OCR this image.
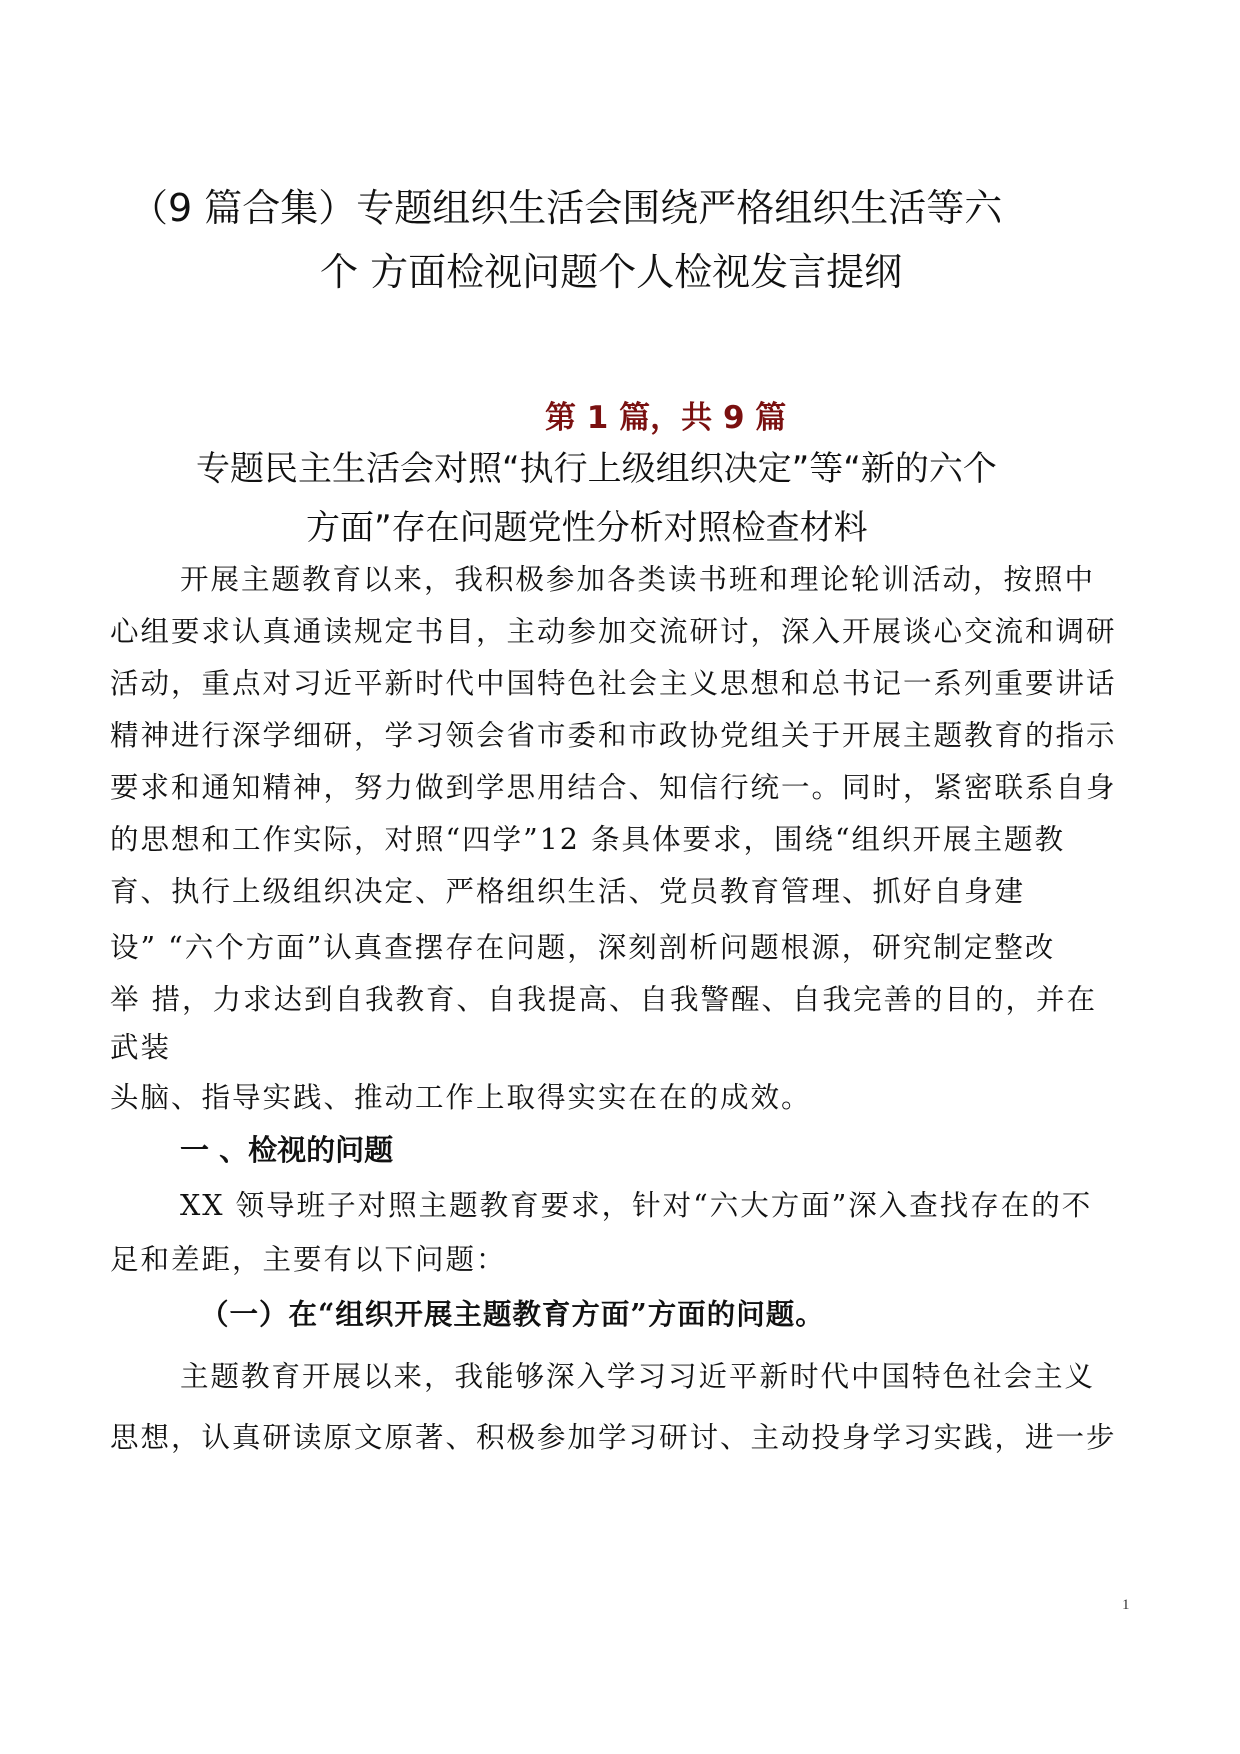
（9 篇合集）专题组织生活会围绕严格组织生活等六
个 方面检视问题个人检视发言提纲
第 1 篇，共 9 篇
专题民主生活会对照“执行上级组织决定”等“新的六个
方面”存在问题党性分析对照检查材料
开展主题教育以来，我积极参加各类读书班和理论轮训活动，按照中
心组要求认真通读规定书目，主动参加交流研讨，深入开展谈心交流和调研
活动，重点对习近平新时代中国特色社会主义思想和总书记一系列重要讲话
精神进行深学细研，学习领会省市委和市政协党组关于开展主题教育的指示
要求和通知精神，努力做到学思用结合、知信行统一。同时，紧密联系自身
的思想和工作实际，对照“四学”12 条具体要求，围绕“组织开展主题教
育、执行上级组织决定、严格组织生活、党员教育管理、抓好自身建
设” “六个方面”认真查摆存在问题，深刻剖析问题根源，研究制定整改
举 措，力求达到自我教育、自我提高、自我警醒、自我完善的目的，并在
武装
头脑、指导实践、推动工作上取得实实在在的成效。
一 、检视的问题
XX 领导班子对照主题教育要求，针对“六大方面”深入查找存在的不
足和差距，主要有以下问题：
（一）在“组织开展主题教育方面”方面的问题。
主题教育开展以来，我能够深入学习习近平新时代中国特色社会主义
思想，认真研读原文原著、积极参加学习研讨、主动投身学习实践，进一步
1
